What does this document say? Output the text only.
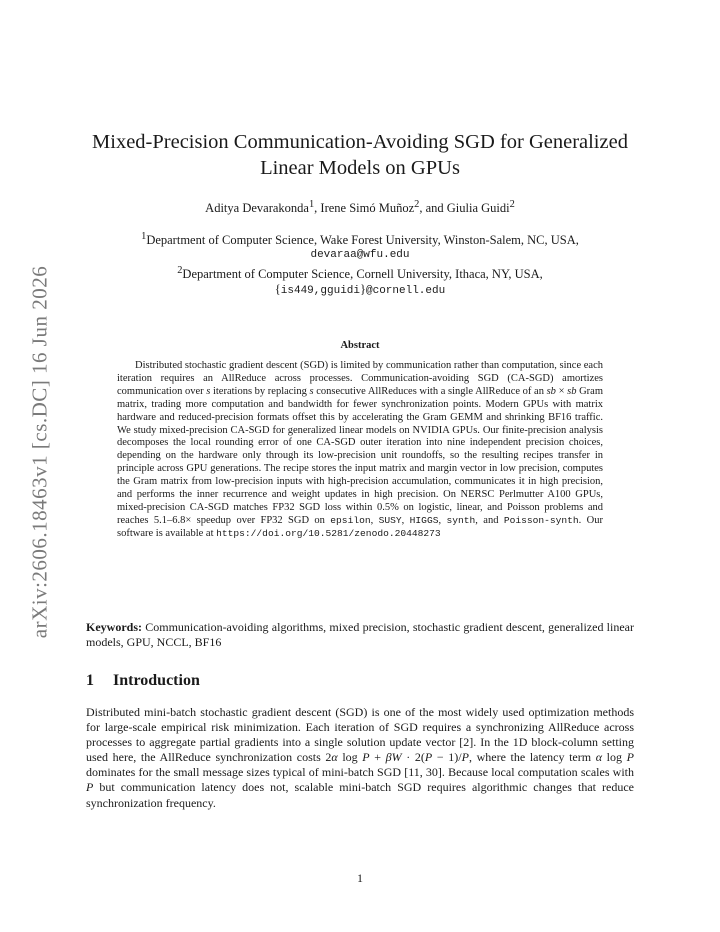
arXiv:2606.18463v1 [cs.DC] 16 Jun 2026
Mixed-Precision Communication-Avoiding SGD for Generalized
Linear Models on GPUs
Aditya Devarakonda$^1$, Irene Simó Muñoz$^2$, and Giulia Guidi$^2$
$^1$Department of Computer Science, Wake Forest University, Winston-Salem, NC, USA,
devaraa@wfu.edu
$^2$Department of Computer Science, Cornell University, Ithaca, NY, USA,
{is449,gguidi}@cornell.edu
Abstract
Distributed stochastic gradient descent (SGD) is limited by communication rather than computation, since each iteration requires an AllReduce across processes. Communication-avoiding SGD (CA-SGD) amortizes communication over s iterations by replacing s consecutive AllReduces with a single AllReduce of an sb × sb Gram matrix, trading more computation and bandwidth for fewer synchronization points. Modern GPUs with matrix hardware and reduced-precision formats offset this by accelerating the Gram GEMM and shrinking BF16 traffic. We study mixed-precision CA-SGD for generalized linear models on NVIDIA GPUs. Our finite-precision analysis decomposes the local rounding error of one CA-SGD outer iteration into nine independent precision choices, depending on the hardware only through its low-precision unit roundoffs, so the resulting recipes transfer in principle across GPU generations. The recipe stores the input matrix and margin vector in low precision, computes the Gram matrix from low-precision inputs with high-precision accumulation, communicates it in high precision, and performs the inner recurrence and weight updates in high precision. On NERSC Perlmutter A100 GPUs, mixed-precision CA-SGD matches FP32 SGD loss within 0.5% on logistic, linear, and Poisson problems and reaches 5.1–6.8× speedup over FP32 SGD on epsilon, SUSY, HIGGS, synth, and Poisson-synth. Our software is available at https://doi.org/10.5281/zenodo.20448273
Keywords: Communication-avoiding algorithms, mixed precision, stochastic gradient descent, generalized linear models, GPU, NCCL, BF16
1 Introduction
Distributed mini-batch stochastic gradient descent (SGD) is one of the most widely used optimization methods for large-scale empirical risk minimization. Each iteration of SGD requires a synchronizing AllReduce across processes to aggregate partial gradients into a single solution update vector [2]. In the 1D block-column setting used here, the AllReduce synchronization costs 2α log P + βW · 2(P − 1)/P, where the latency term α log P dominates for the small message sizes typical of mini-batch SGD [11, 30]. Because local computation scales with P but communication latency does not, scalable mini-batch SGD requires algorithmic changes that reduce synchronization frequency.
1
